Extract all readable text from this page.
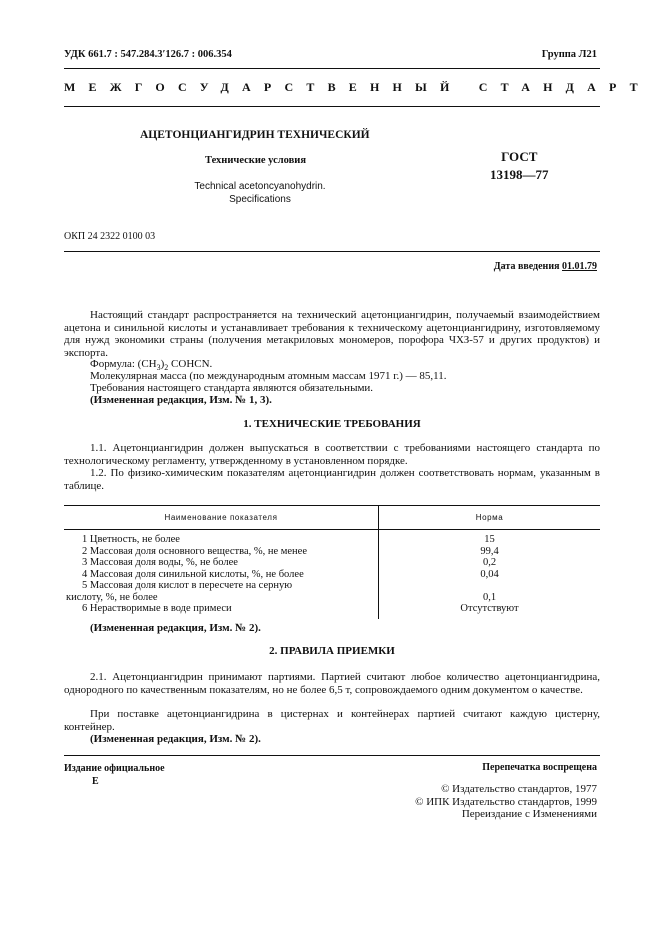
УДК 661.7 : 547.284.3′126.7 : 006.354	Группа Л21
МЕЖГОСУДАРСТВЕННЫЙ СТАНДАРТ
АЦЕТОНЦИАНГИДРИН ТЕХНИЧЕСКИЙ
Технические условия
Technical acetoncyanohydrin.
Specifications
ГОСТ
13198—77
ОКП 24 2322 0100 03
Дата введения 01.01.79
Настоящий стандарт распространяется на технический ацетонциангидрин, получаемый взаимодействием ацетона и синильной кислоты и устанавливает требования к техническому ацетонциангидрину, изготовляемому для нужд экономики страны (получения метакриловых мономеров, порофора ЧХЗ-57 и других продуктов) и экспорта.
Формула: $(CH_3)_2$ COHCN.
Молекулярная масса (по международным атомным массам 1971 г.) — 85,11.
Требования настоящего стандарта являются обязательными.
(Измененная редакция, Изм. № 1, 3).
1. ТЕХНИЧЕСКИЕ ТРЕБОВАНИЯ
1.1. Ацетонциангидрин должен выпускаться в соответствии с требованиями настоящего стандарта по технологическому регламенту, утвержденному в установленном порядке.
1.2. По физико-химическим показателям ацетонциангидрин должен соответствовать нормам, указанным в таблице.
Наименование показателя	Норма
1 Цветность, не более	15
2 Массовая доля основного вещества, %, не менее	99,4
3 Массовая доля воды, %, не более	0,2
4 Массовая доля синильной кислоты, %, не более	0,04
5 Массовая доля кислот в пересчете на серную	
кислоту, %, не более	0,1
6 Нерастворимые в воде примеси	Отсутствуют
(Измененная редакция, Изм. № 2).
2. ПРАВИЛА ПРИЕМКИ
2.1. Ацетонциангидрин принимают партиями. Партией считают любое количество ацетонциангидрина, однородного по качественным показателям, но не более 6,5 т, сопровождаемого одним документом о качестве.
При поставке ацетонциангидрина в цистернах и контейнерах партией считают каждую цистерну, контейнер.
(Измененная редакция, Изм. № 2).
Издание официальное
Е
Перепечатка воспрещена
© Издательство стандартов, 1977
© ИПК Издательство стандартов, 1999
Переиздание с Изменениями
